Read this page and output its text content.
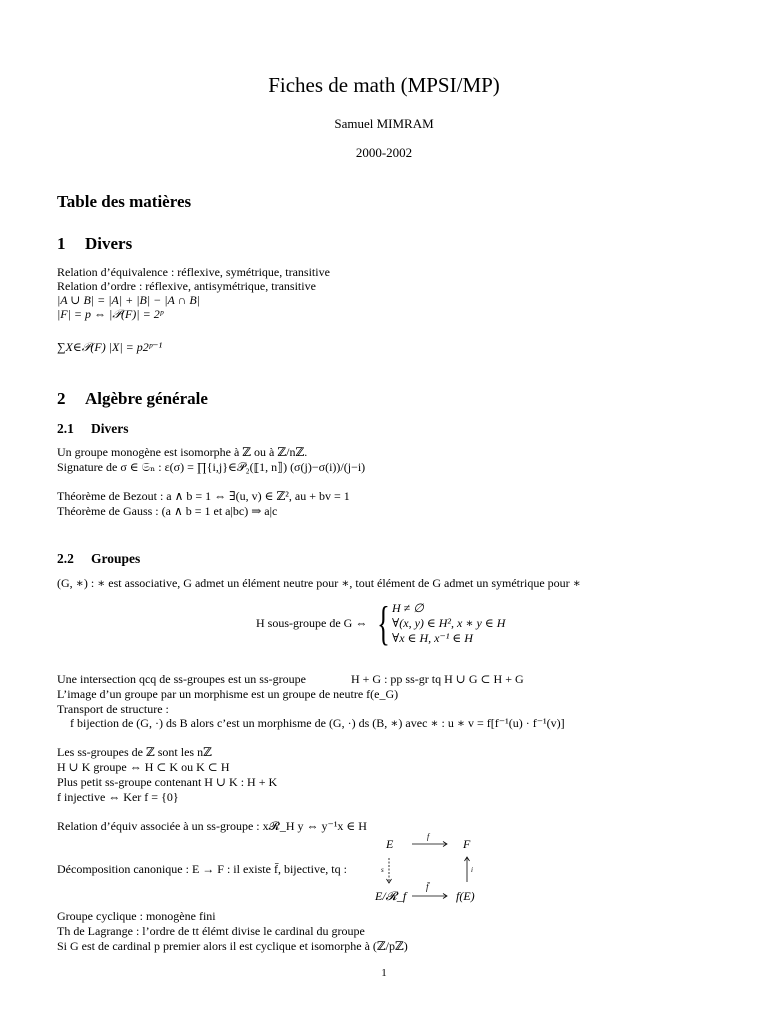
Fiches de math (MPSI/MP)
Samuel MIMRAM
2000-2002
Table des matières
1 Divers
Relation d’équivalence : réflexive, symétrique, transitive
Relation d’ordre : réflexive, antisymétrique, transitive
|A ∪ B| = |A| + |B| − |A ∩ B|
|F| = p ⇔ |𝒫(F)| = 2ᵖ
∑X∈𝒫(F) |X| = p2ᵖ⁻¹
2 Algèbre générale
2.1 Divers
Un groupe monogène est isomorphe à ℤ ou à ℤ/nℤ.
Signature de σ ∈ 𝔖ₙ : ε(σ) = ∏{i,j}∈𝒫₂(⟦1, n⟧) (σ(j)−σ(i))/(j−i)
Théorème de Bezout : a ∧ b = 1 ⇔ ∃(u, v) ∈ ℤ², au + bv = 1
Théorème de Gauss : (a ∧ b = 1 et a|bc) ⇒ a|c
2.2 Groupes
(G, ∗) : ∗ est associative, G admet un élément neutre pour ∗, tout élément de G admet un symétrique pour ∗
H sous-groupe de G ⇔ { H ≠ ∅
∀(x, y) ∈ H², x ∗ y ∈ H
∀x ∈ H, x⁻¹ ∈ H
Une intersection qcq de ss-groupes est un ss-groupe	H + G : pp ss-gr tq H ∪ G ⊂ H + G
L’image d’un groupe par un morphisme est un groupe de neutre f(e_G)
Transport de structure :
f bijection de (G, ·) ds B alors c’est un morphisme de (G, ·) ds (B, ∗) avec ∗ : u ∗ v = f[f⁻¹(u) · f⁻¹(v)]
Les ss-groupes de ℤ sont les nℤ
H ∪ K groupe ⇔ H ⊂ K ou K ⊂ H
Plus petit ss-groupe contenant H ∪ K : H + K
f injective ⇔ Ker f = {0}
Relation d’équiv associée à un ss-groupe : x𝓡_H y ⇔ y⁻¹x ∈ H
Décomposition canonique : E → F : il existe f̄, bijective, tq :
E	F
f
s	i
E/𝓡_f	f(E)
f̄
Groupe cyclique : monogène fini
Th de Lagrange : l’ordre de tt élémt divise le cardinal du groupe
Si G est de cardinal p premier alors il est cyclique et isomorphe à (ℤ/pℤ)
1
